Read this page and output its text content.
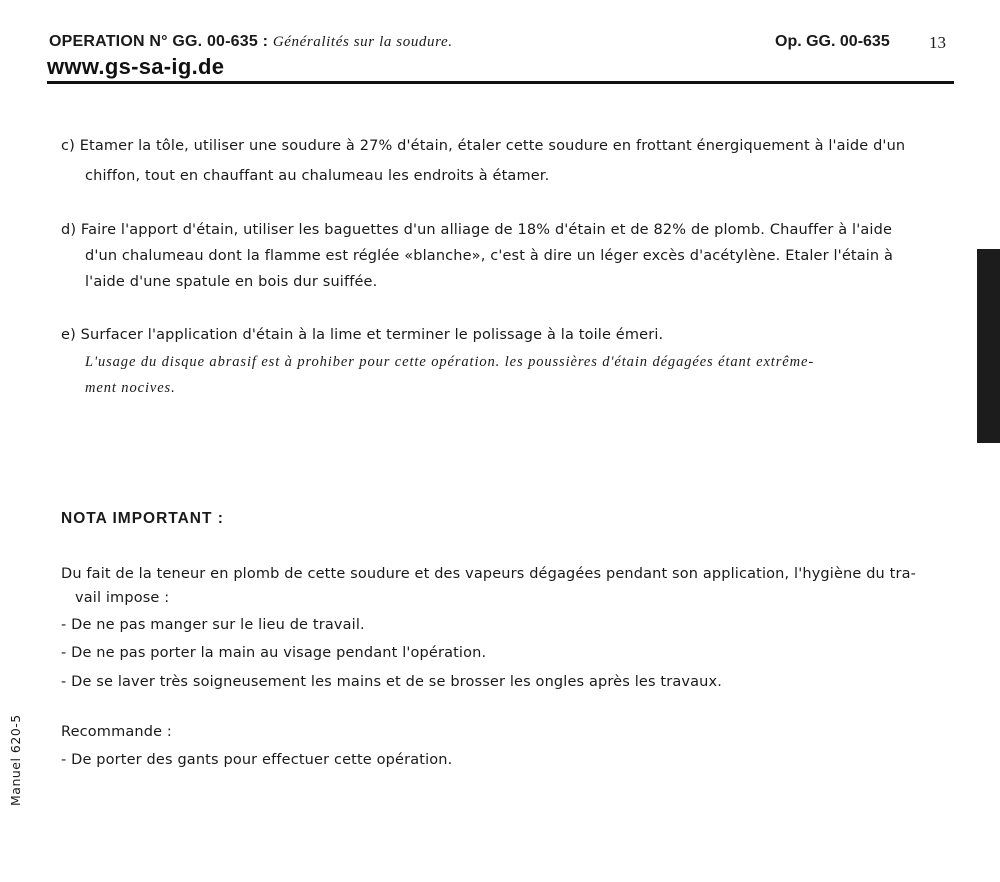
OPERATION N° GG. 00-635 : Généralités sur la soudure.
www.gs-sa-ig.de
Op. GG. 00-635 13
c) Etamer la tôle, utiliser une soudure à 27% d'étain, étaler cette soudure en frottant énergiquement à l'aide d'un
chiffon, tout en chauffant au chalumeau les endroits à étamer.
d) Faire l'apport d'étain, utiliser les baguettes d'un alliage de 18% d'étain et de 82% de plomb. Chauffer à l'aide
d'un chalumeau dont la flamme est réglée «blanche», c'est à dire un léger excès d'acétylène. Etaler l'étain à
l'aide d'une spatule en bois dur suiffée.
e) Surfacer l'application d'étain à la lime et terminer le polissage à la toile émeri.
L'usage du disque abrasif est à prohiber pour cette opération. les poussières d'étain dégagées étant extrême-
ment nocives.
NOTA IMPORTANT :
Du fait de la teneur en plomb de cette soudure et des vapeurs dégagées pendant son application, l'hygiène du tra-
vail impose :
- De ne pas manger sur le lieu de travail.
- De ne pas porter la main au visage pendant l'opération.
- De se laver très soigneusement les mains et de se brosser les ongles après les travaux.
Recommande :
- De porter des gants pour effectuer cette opération.
Manuel 620-5
